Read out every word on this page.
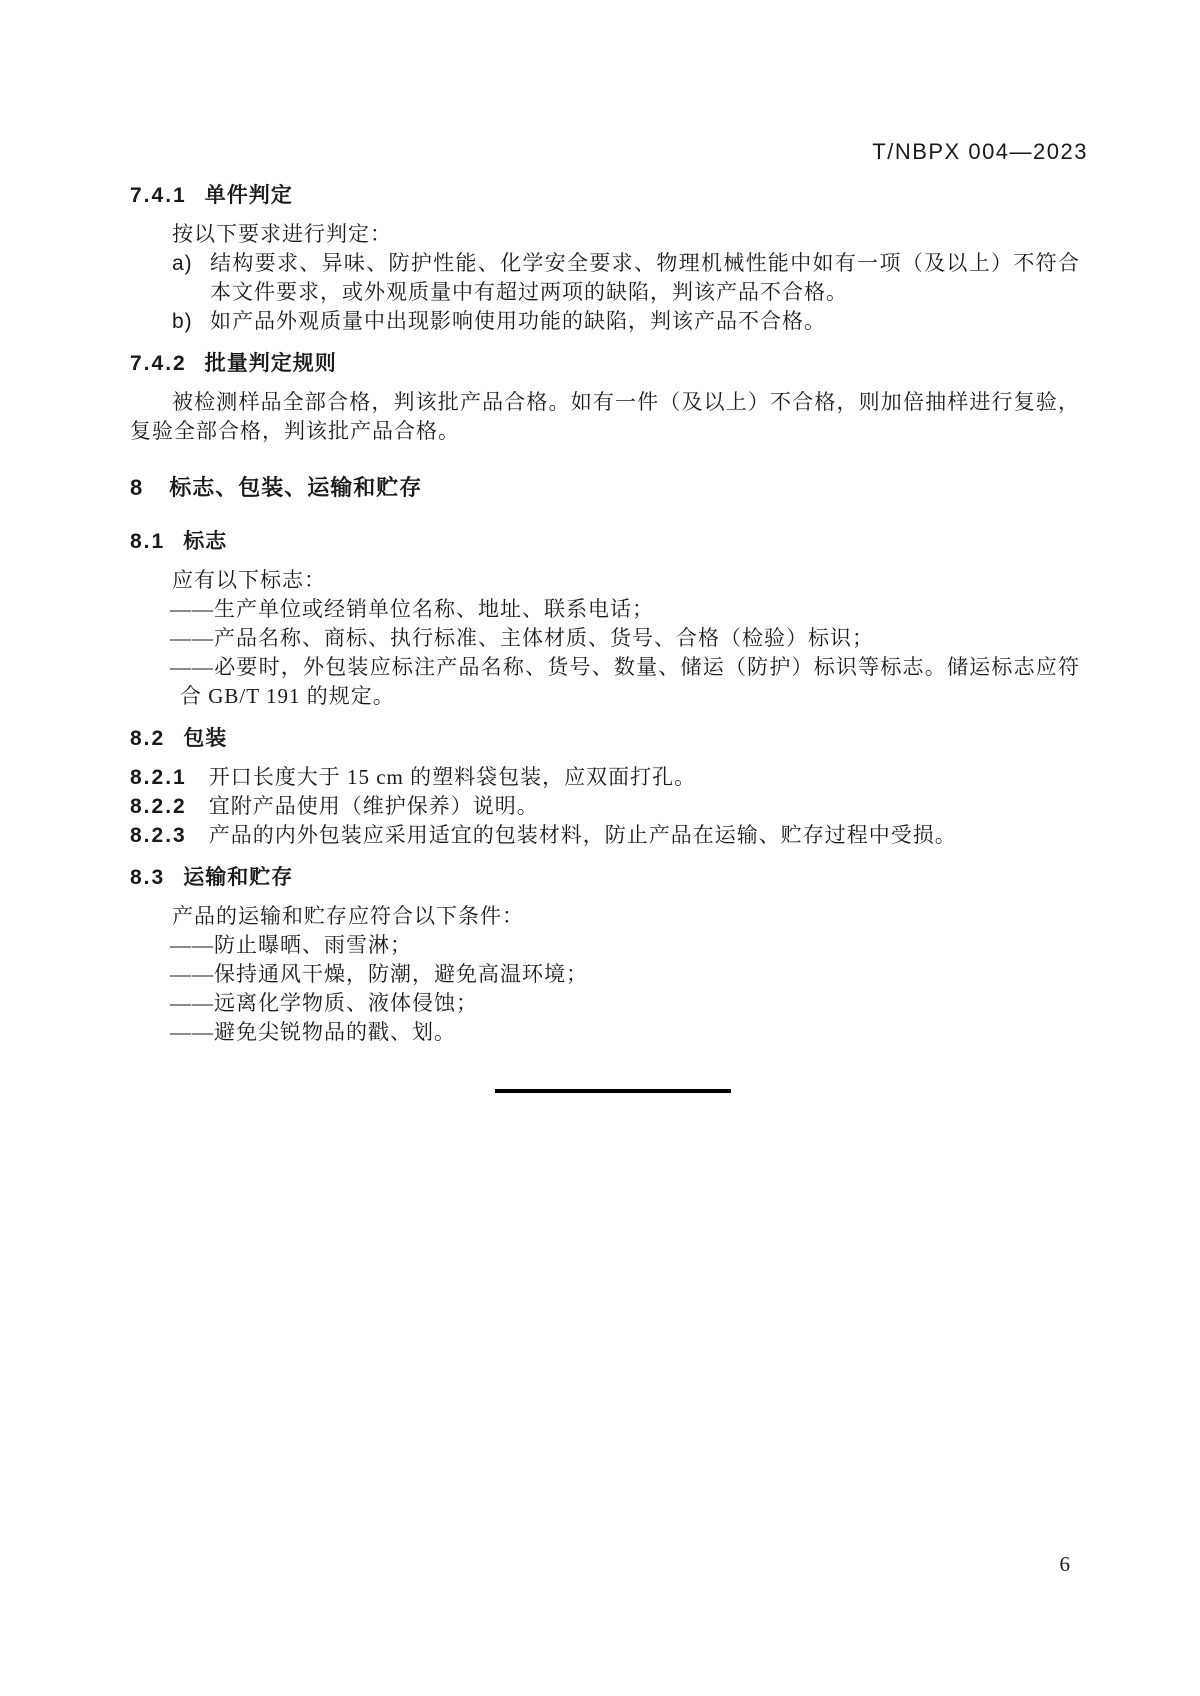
T/NBPX 004—2023
7.4.1 单件判定
按以下要求进行判定：
a) 结构要求、异味、防护性能、化学安全要求、物理机械性能中如有一项（及以上）不符合本文件要求，或外观质量中有超过两项的缺陷，判该产品不合格。
b) 如产品外观质量中出现影响使用功能的缺陷，判该产品不合格。
7.4.2 批量判定规则
被检测样品全部合格，判该批产品合格。如有一件（及以上）不合格，则加倍抽样进行复验，复验全部合格，判该批产品合格。
8 标志、包装、运输和贮存
8.1 标志
应有以下标志：
——生产单位或经销单位名称、地址、联系电话；
——产品名称、商标、执行标准、主体材质、货号、合格（检验）标识；
——必要时，外包装应标注产品名称、货号、数量、储运（防护）标识等标志。储运标志应符合 GB/T 191 的规定。
8.2 包装
8.2.1 开口长度大于 15 cm 的塑料袋包装，应双面打孔。
8.2.2 宜附产品使用（维护保养）说明。
8.2.3 产品的内外包装应采用适宜的包装材料，防止产品在运输、贮存过程中受损。
8.3 运输和贮存
产品的运输和贮存应符合以下条件：
——防止曝晒、雨雪淋；
——保持通风干燥，防潮，避免高温环境；
——远离化学物质、液体侵蚀；
——避免尖锐物品的戳、划。
6
